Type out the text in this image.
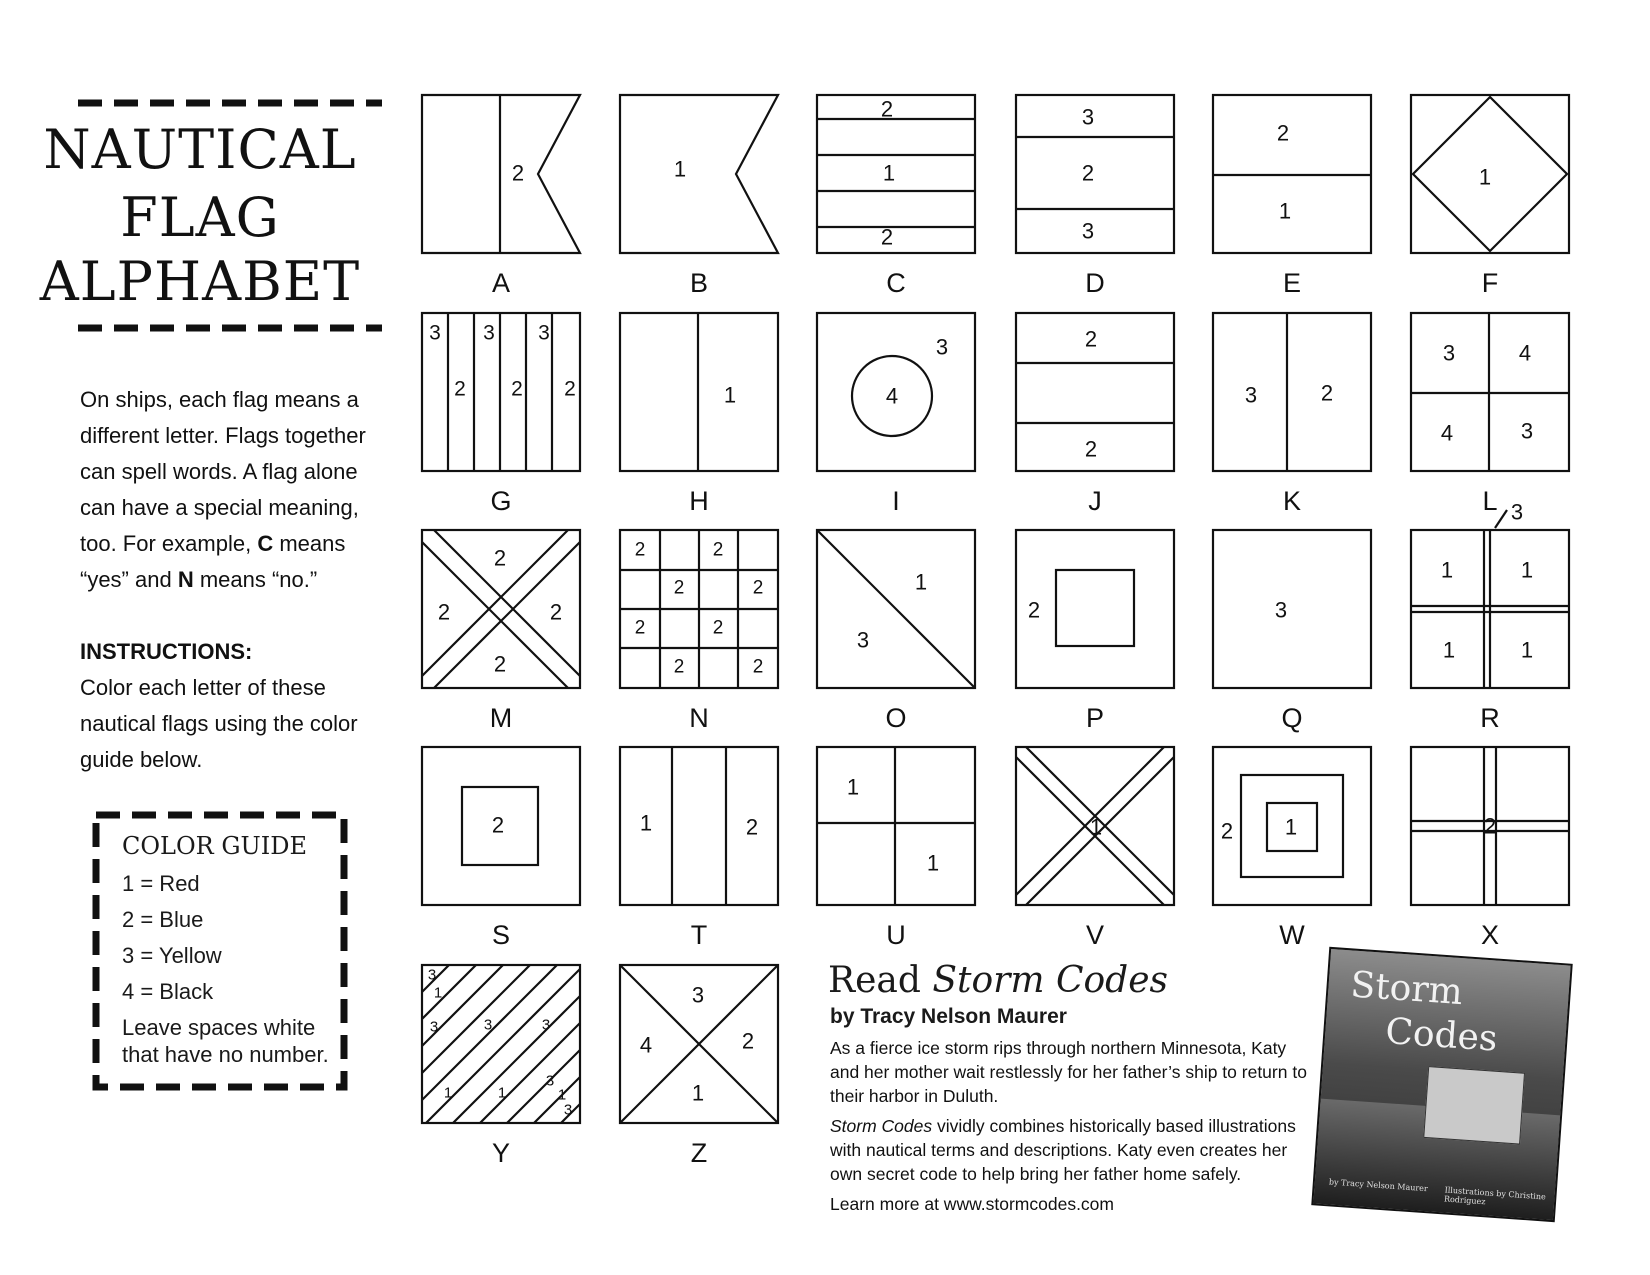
NAUTICAL
FLAG
ALPHABET
On ships, each flag means a different letter. Flags together can spell words. A flag alone can have a special meaning, too. For example, C means “yes” and N means “no.”
INSTRUCTIONS:
Color each letter of these nautical flags using the color guide below.
COLOR GUIDE
1 = Red
2 = Blue
3 = Yellow
4 = Black
Leave spaces white that have no number.
2
A
1
B
2
1
2
C
3
2
3
D
2
1
E
1
F
3
2
3
2
3
2
G
1
H
4
3
I
2
2
J
3	2
K
3	4
4	3
L
2
2	2
2
M
2	2
2	2
2	2
2	2
N
1
3
O
2
P
3
Q
1	1
1	1
3
R
2
S
1	2
T
1
1
U
1
V
2 1
W
2
X
3
1
3	3	3
1	1
3
1
3
Y
3
4	2
1
Z
Read Storm Codes
by Tracy Nelson Maurer
As a fierce ice storm rips through northern Minnesota, Katy and her mother wait restlessly for her father’s ship to return to their harbor in Duluth.
Storm Codes vividly combines historically based illustrations with nautical terms and descriptions. Katy even creates her own secret code to help bring her father home safely.
Learn more at www.stormcodes.com
Storm
Codes
by Tracy Nelson Maurer
Illustrations by Christine Rodriguez
